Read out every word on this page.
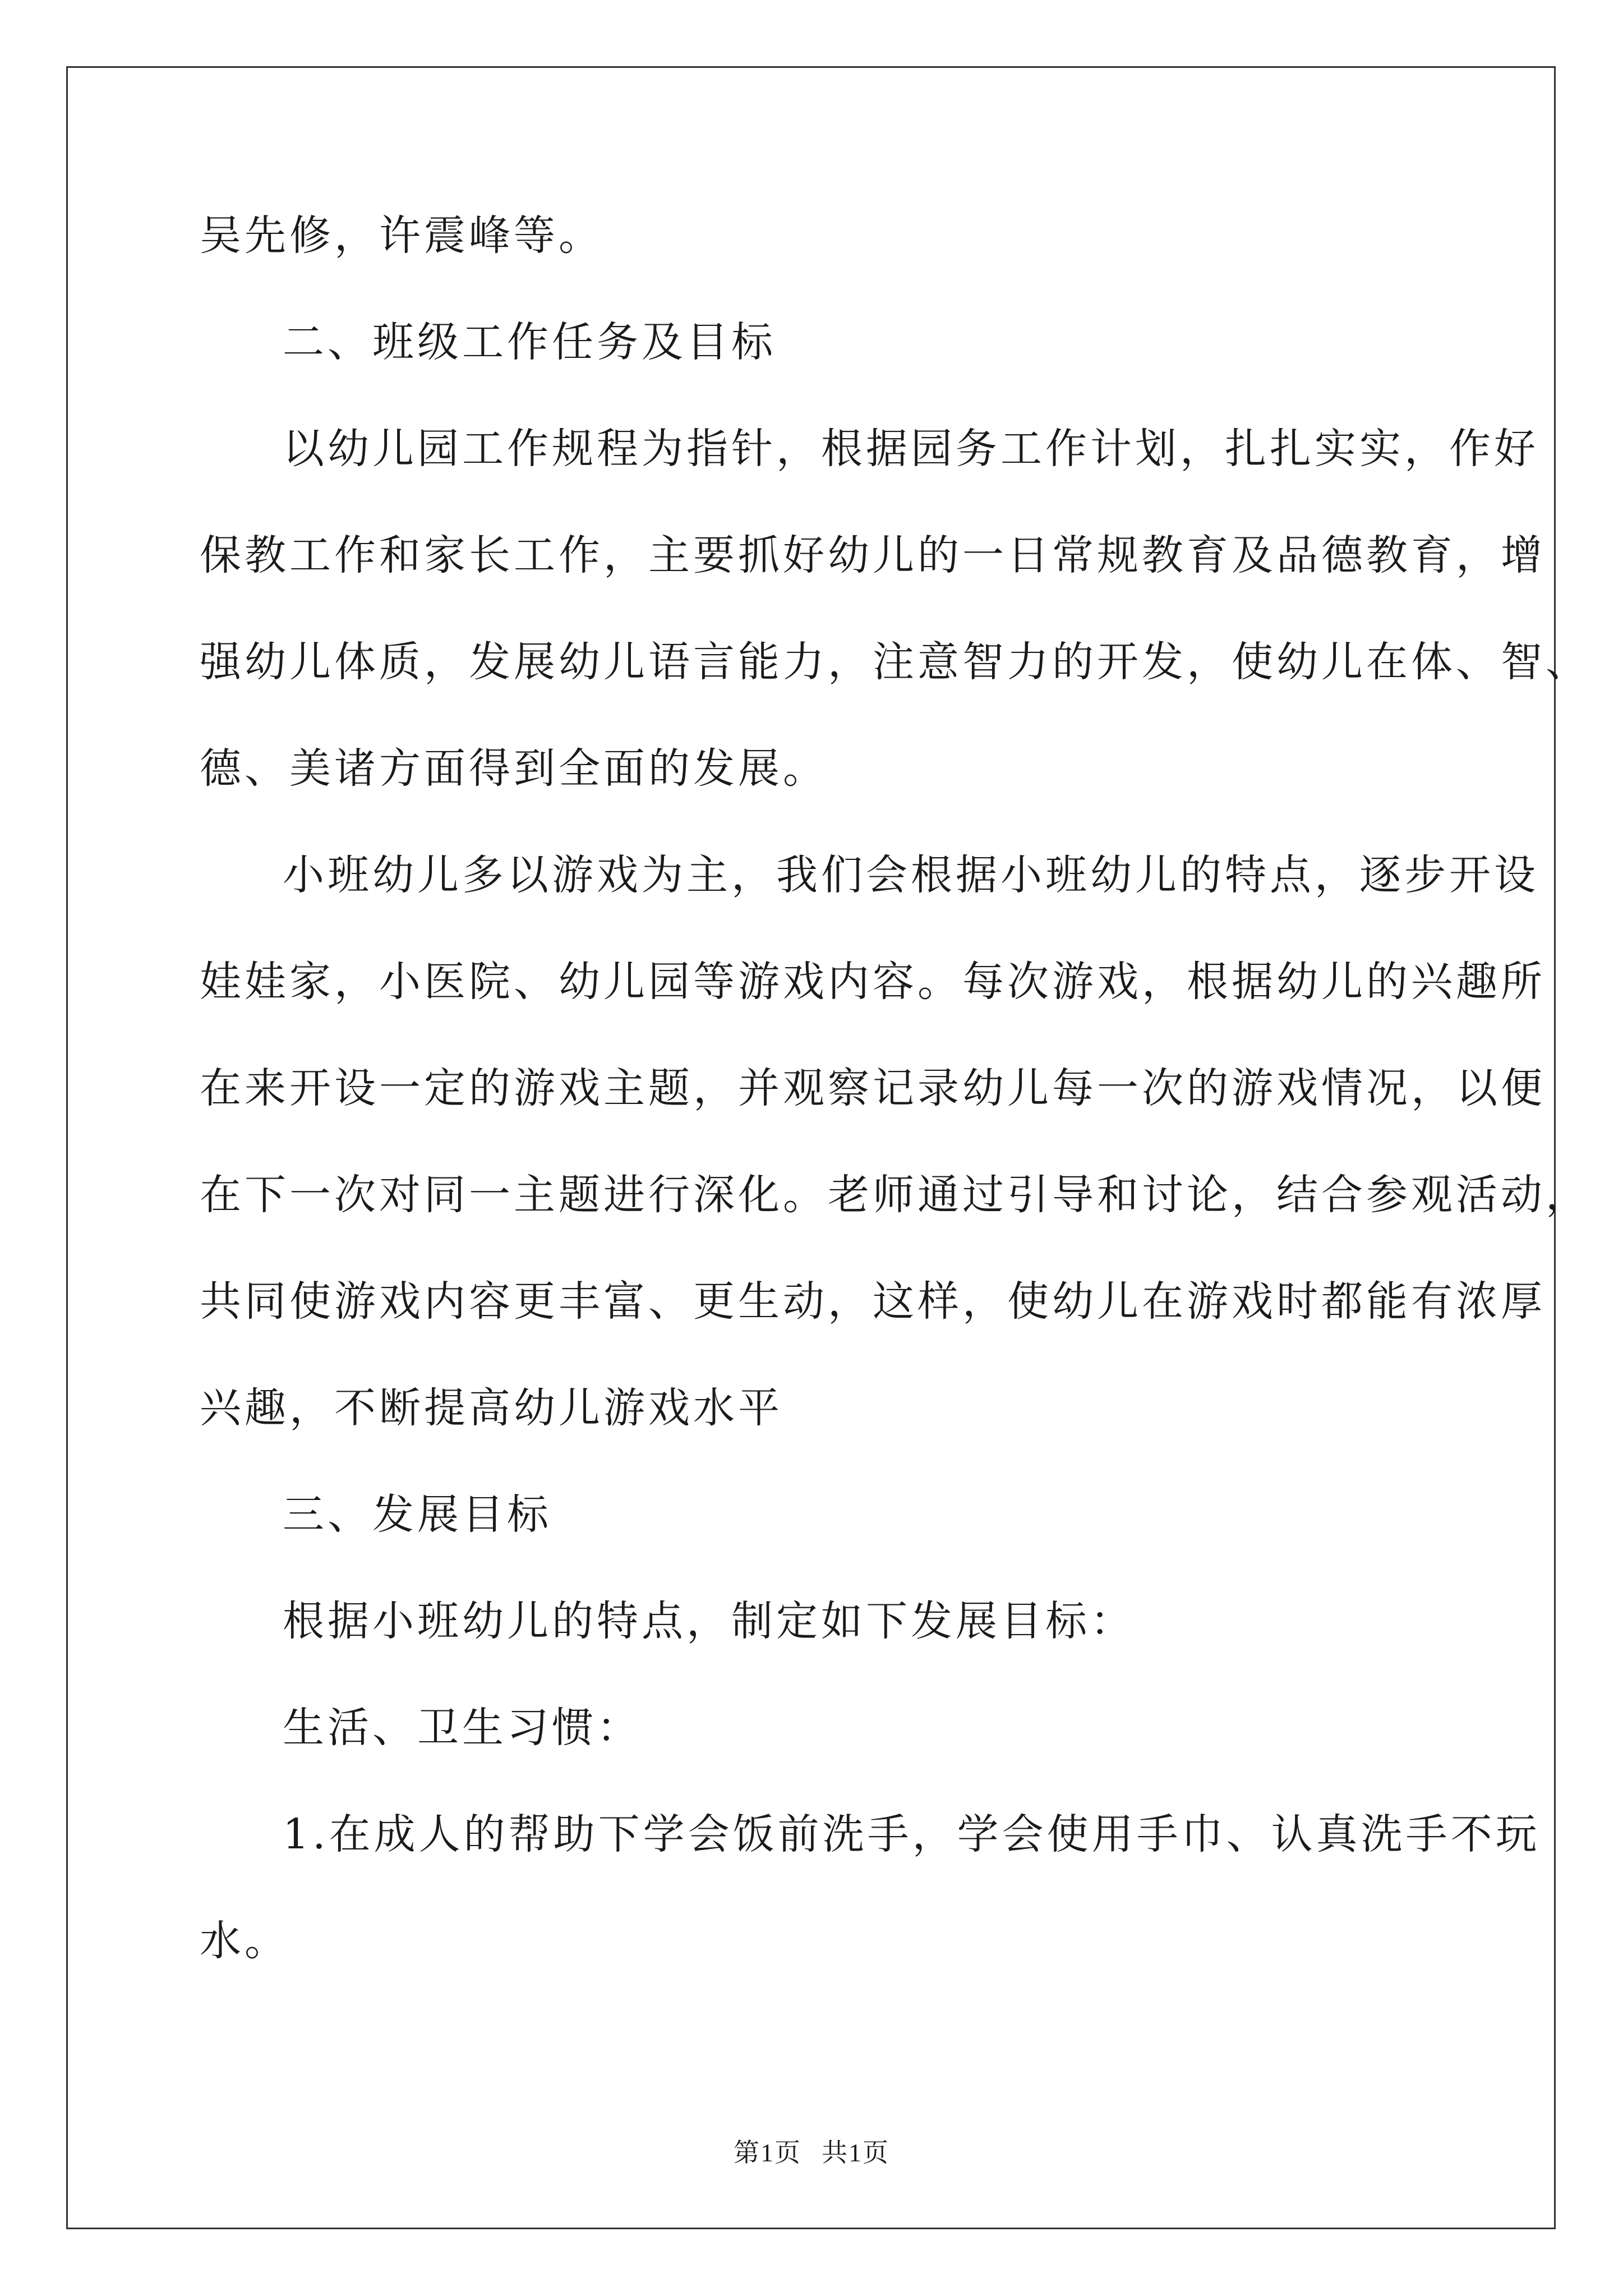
吴先修，许震峰等。
二、班级工作任务及目标
以幼儿园工作规程为指针，根据园务工作计划，扎扎实实，作好
保教工作和家长工作，主要抓好幼儿的一日常规教育及品德教育，增
强幼儿体质，发展幼儿语言能力，注意智力的开发，使幼儿在体、智、
德、美诸方面得到全面的发展。
小班幼儿多以游戏为主，我们会根据小班幼儿的特点，逐步开设
娃娃家，小医院、幼儿园等游戏内容。每次游戏，根据幼儿的兴趣所
在来开设一定的游戏主题，并观察记录幼儿每一次的游戏情况，以便
在下一次对同一主题进行深化。老师通过引导和讨论，结合参观活动，
共同使游戏内容更丰富、更生动，这样，使幼儿在游戏时都能有浓厚
兴趣，不断提高幼儿游戏水平
三、发展目标
根据小班幼儿的特点，制定如下发展目标：
生活、卫生习惯：
1.在成人的帮助下学会饭前洗手，学会使用手巾、认真洗手不玩
水。
第1页 共1页
